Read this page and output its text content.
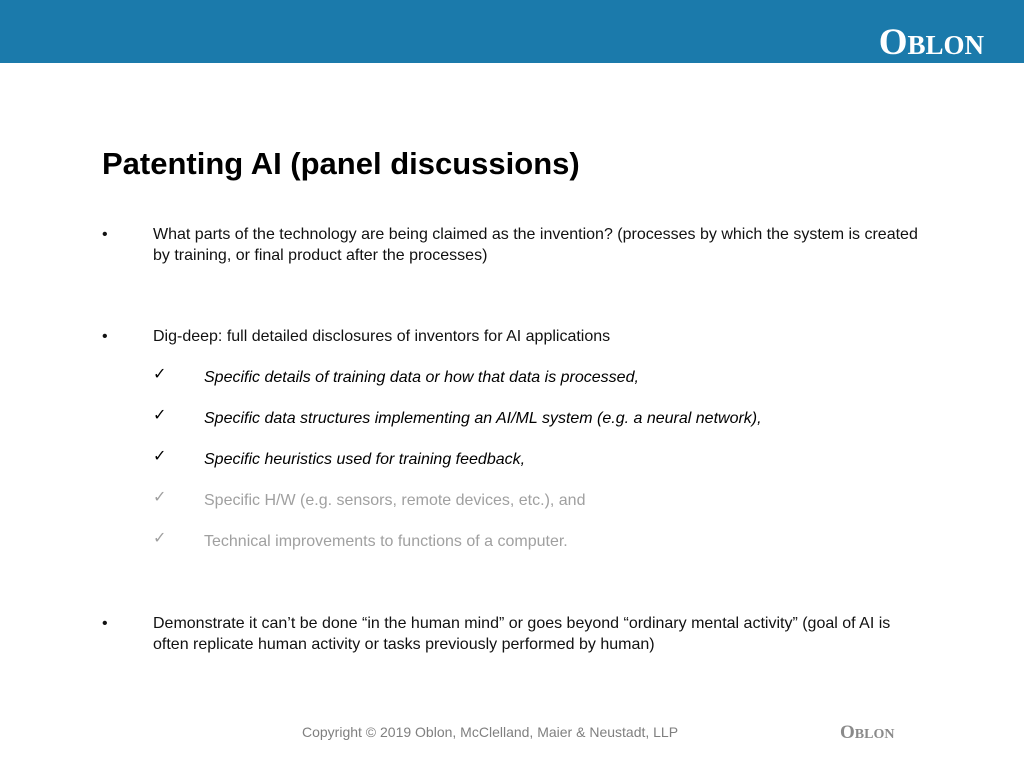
OBLON
Patenting AI (panel discussions)
•	What parts of the technology are being claimed as the invention? (processes by which the system is created by training, or final product after the processes)
•	Dig-deep: full detailed disclosures of inventors for AI applications
✓ Specific details of training data or how that data is processed,
✓ Specific data structures implementing an AI/ML system (e.g. a neural network),
✓ Specific heuristics used for training feedback,
✓ Specific H/W (e.g. sensors, remote devices, etc.), and
✓ Technical improvements to functions of a computer.
•	Demonstrate it can’t be done “in the human mind” or goes beyond “ordinary mental activity” (goal of AI is often replicate human activity or tasks previously performed by human)
Copyright © 2019 Oblon, McClelland, Maier & Neustadt, LLP	OBLON
